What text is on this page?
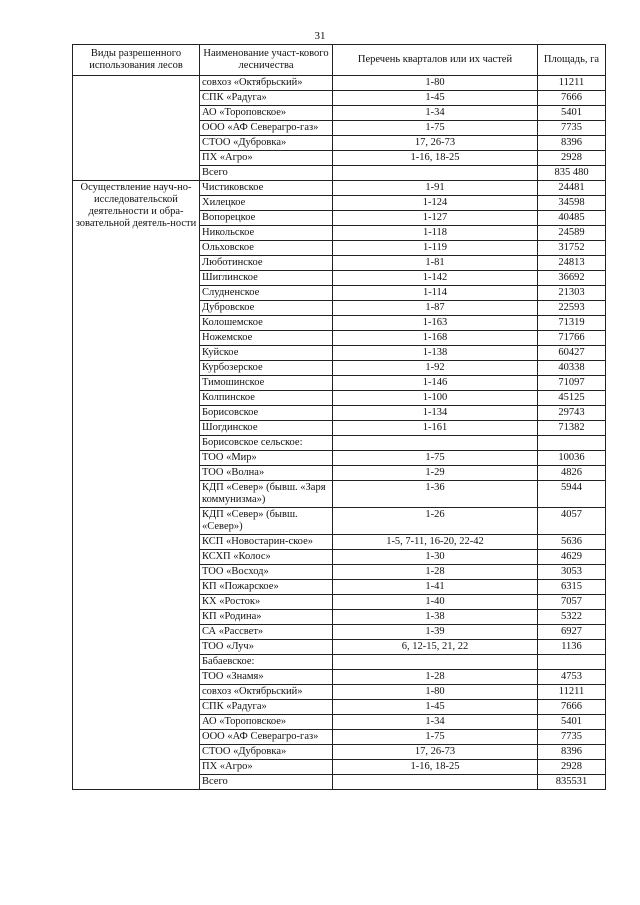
31
Виды разрешенного использования лесов	Наименование участ-кового лесничества	Перечень кварталов или их частей	Площадь, га
	совхоз «Октябрьский»	1-80	11211
	СПК «Радуга»	1-45	7666
	АО «Тороповское»	1-34	5401
	ООО «АФ Северагро-газ»	1-75	7735
	СТОО «Дубровка»	17, 26-73	8396
	ПХ «Агро»	1-16, 18-25	2928
	Всего		835 480
Осуществление науч-но-исследовательской деятельности и обра-зовательной деятель-ности	Чистиковское	1-91	24481
	Хилецкое	1-124	34598
	Вопорецкое	1-127	40485
	Никольское	1-118	24589
	Ольховское	1-119	31752
	Люботинское	1-81	24813
	Шиглинское	1-142	36692
	Слудненское	1-114	21303
	Дубровское	1-87	22593
	Колошемское	1-163	71319
	Ножемское	1-168	71766
	Куйское	1-138	60427
	Курбозерское	1-92	40338
	Тимошинское	1-146	71097
	Колпинское	1-100	45125
	Борисовское	1-134	29743
	Шогдинское	1-161	71382
	Борисовское сельское:		
	ТОО «Мир»	1-75	10036
	ТОО «Волна»	1-29	4826
	КДП «Север» (бывш. «Заря коммунизма»)	1-36	5944
	КДП «Север» (бывш. «Север»)	1-26	4057
	КСП «Новостарин-ское»	1-5, 7-11, 16-20, 22-42	5636
	КСХП «Колос»	1-30	4629
	ТОО «Восход»	1-28	3053
	КП «Пожарское»	1-41	6315
	КХ «Росток»	1-40	7057
	КП «Родина»	1-38	5322
	СА «Рассвет»	1-39	6927
	ТОО «Луч»	6, 12-15, 21, 22	1136
	Бабаевское:		
	ТОО «Знамя»	1-28	4753
	совхоз «Октябрьский»	1-80	11211
	СПК «Радуга»	1-45	7666
	АО «Тороповское»	1-34	5401
	ООО «АФ Северагро-газ»	1-75	7735
	СТОО «Дубровка»	17, 26-73	8396
	ПХ «Агро»	1-16, 18-25	2928
	Всего		835531
